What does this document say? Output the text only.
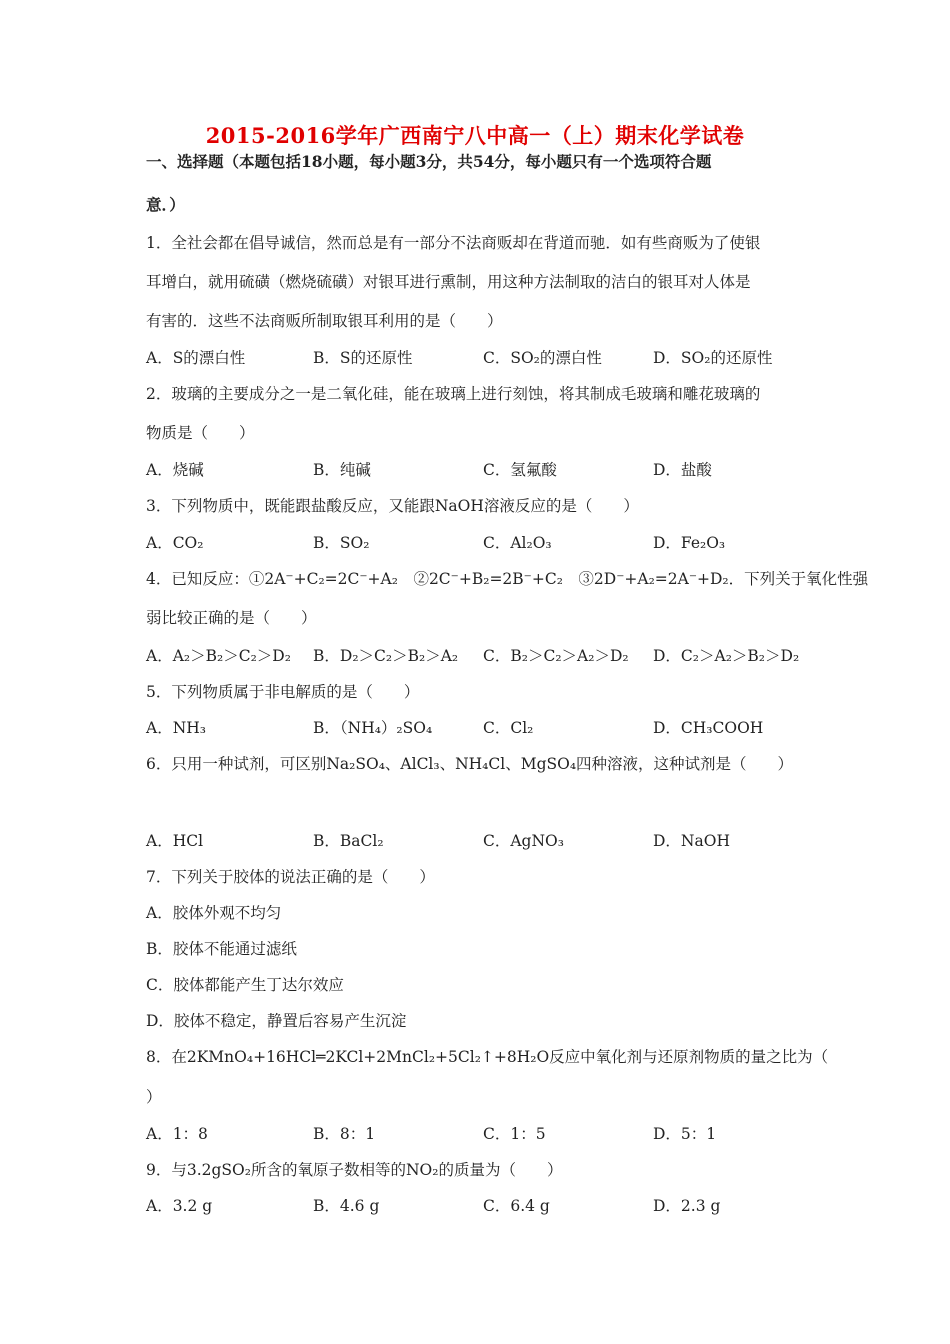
2015-2016学年广西南宁八中高一（上）期末化学试卷
一、选择题（本题包括18小题，每小题3分，共54分，每小题只有一个选项符合题
意．）
1．全社会都在倡导诚信，然而总是有一部分不法商贩却在背道而驰．如有些商贩为了使银
耳增白，就用硫磺（燃烧硫磺）对银耳进行熏制，用这种方法制取的洁白的银耳对人体是
有害的．这些不法商贩所制取银耳利用的是（　　）
A．S的漂白性	B．S的还原性	C．SO₂的漂白性	D．SO₂的还原性
2．玻璃的主要成分之一是二氧化硅，能在玻璃上进行刻蚀，将其制成毛玻璃和雕花玻璃的
物质是（　　）
A．烧碱	B．纯碱	C．氢氟酸	D．盐酸
3．下列物质中，既能跟盐酸反应，又能跟NaOH溶液反应的是（　　）
A．CO₂	B．SO₂	C．Al₂O₃	D．Fe₂O₃
4．已知反应：①2A⁻+C₂=2C⁻+A₂　②2C⁻+B₂=2B⁻+C₂　③2D⁻+A₂=2A⁻+D₂．下列关于氧化性强
弱比较正确的是（　　）
A．A₂＞B₂＞C₂＞D₂ B．D₂＞C₂＞B₂＞A₂ C．B₂＞C₂＞A₂＞D₂ D．C₂＞A₂＞B₂＞D₂
5．下列物质属于非电解质的是（　　）
A．NH₃	B．（NH₄）₂SO₄	C．Cl₂	D．CH₃COOH
6．只用一种试剂，可区别Na₂SO₄、AlCl₃、NH₄Cl、MgSO₄四种溶液，这种试剂是（　　）
A．HCl	B．BaCl₂	C．AgNO₃	D．NaOH
7．下列关于胶体的说法正确的是（　　）
A．胶体外观不均匀
B．胶体不能通过滤纸
C．胶体都能产生丁达尔效应
D．胶体不稳定，静置后容易产生沉淀
8．在2KMnO₄+16HCl═2KCl+2MnCl₂+5Cl₂↑+8H₂O反应中氧化剂与还原剂物质的量之比为（
）
A．1：8	B．8：1	C．1：5	D．5：1
9．与3.2gSO₂所含的氧原子数相等的NO₂的质量为（　　）
A．3.2 g	B．4.6 g	C．6.4 g	D．2.3 g
